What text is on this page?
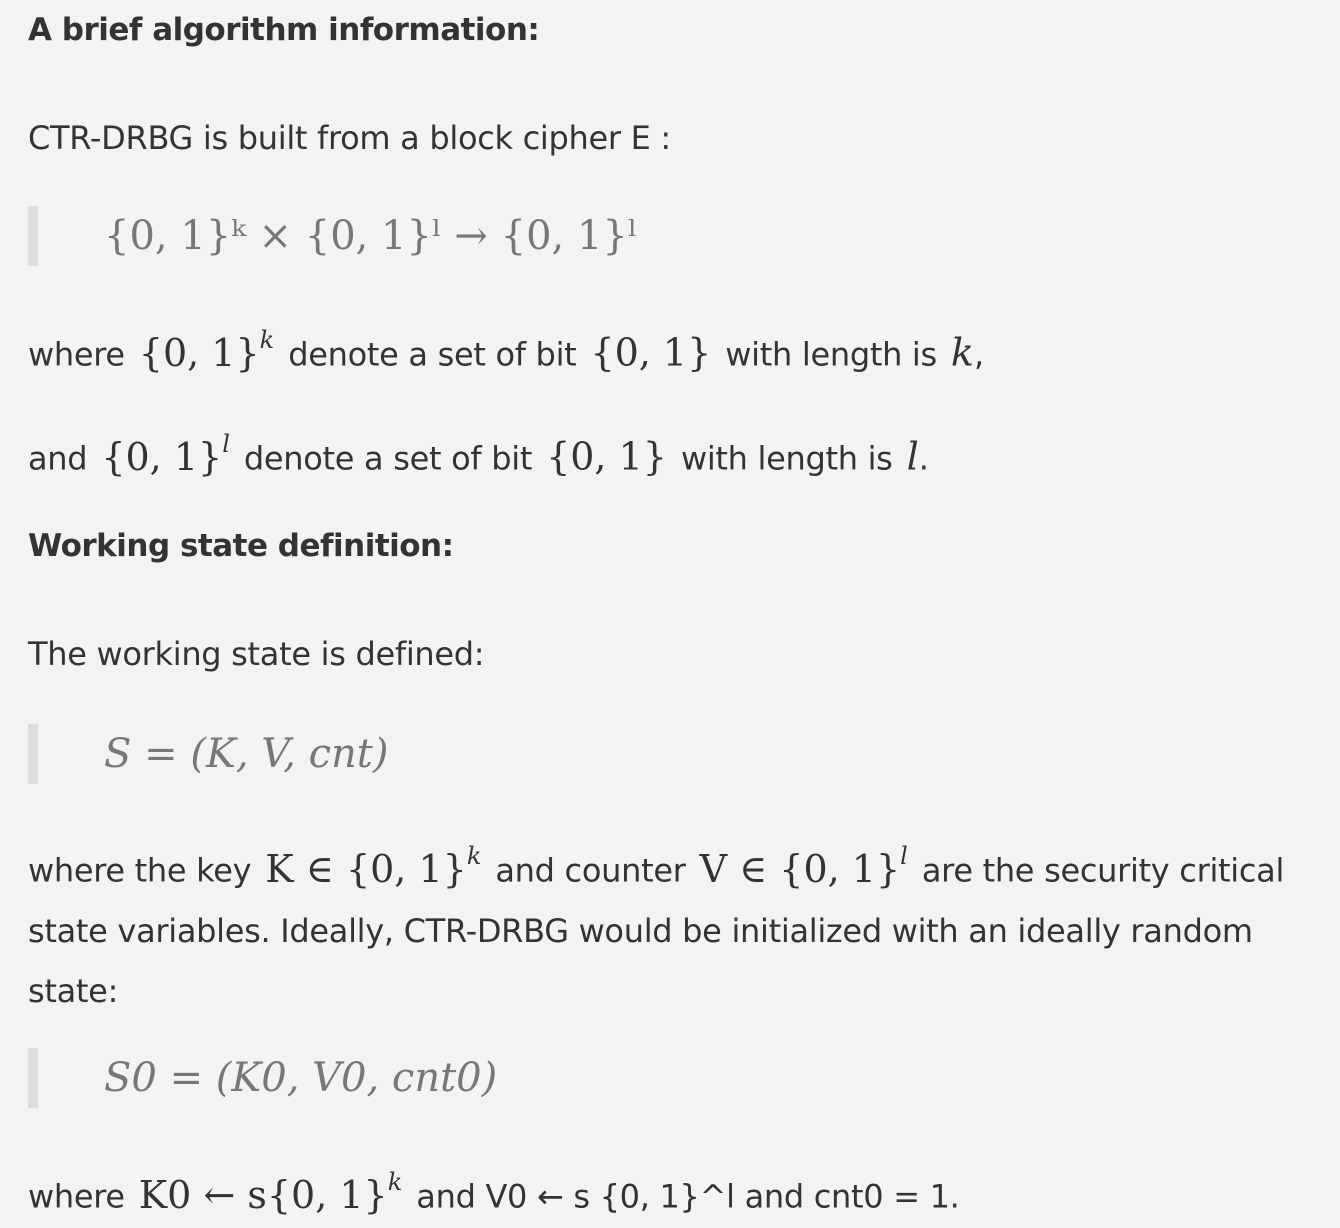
A brief algorithm information:
CTR-DRBG is built from a block cipher E :
{0, 1}ᵏ × {0, 1}ˡ → {0, 1}ˡ
where {0, 1}$^k$ denote a set of bit {0, 1} with length is k,
and {0, 1}$^l$ denote a set of bit {0, 1} with length is l.
Working state definition:
The working state is defined:
S = (K, V, cnt)
where the key K ∈ {0, 1}$^k$ and counter V ∈ {0, 1}$^l$ are the security critical state variables. Ideally, CTR-DRBG would be initialized with an ideally random state:
S0 = (K0, V0, cnt0)
where K0 ← s{0, 1}$^k$ and V0 ← s {0, 1}^l and cnt0 = 1.
